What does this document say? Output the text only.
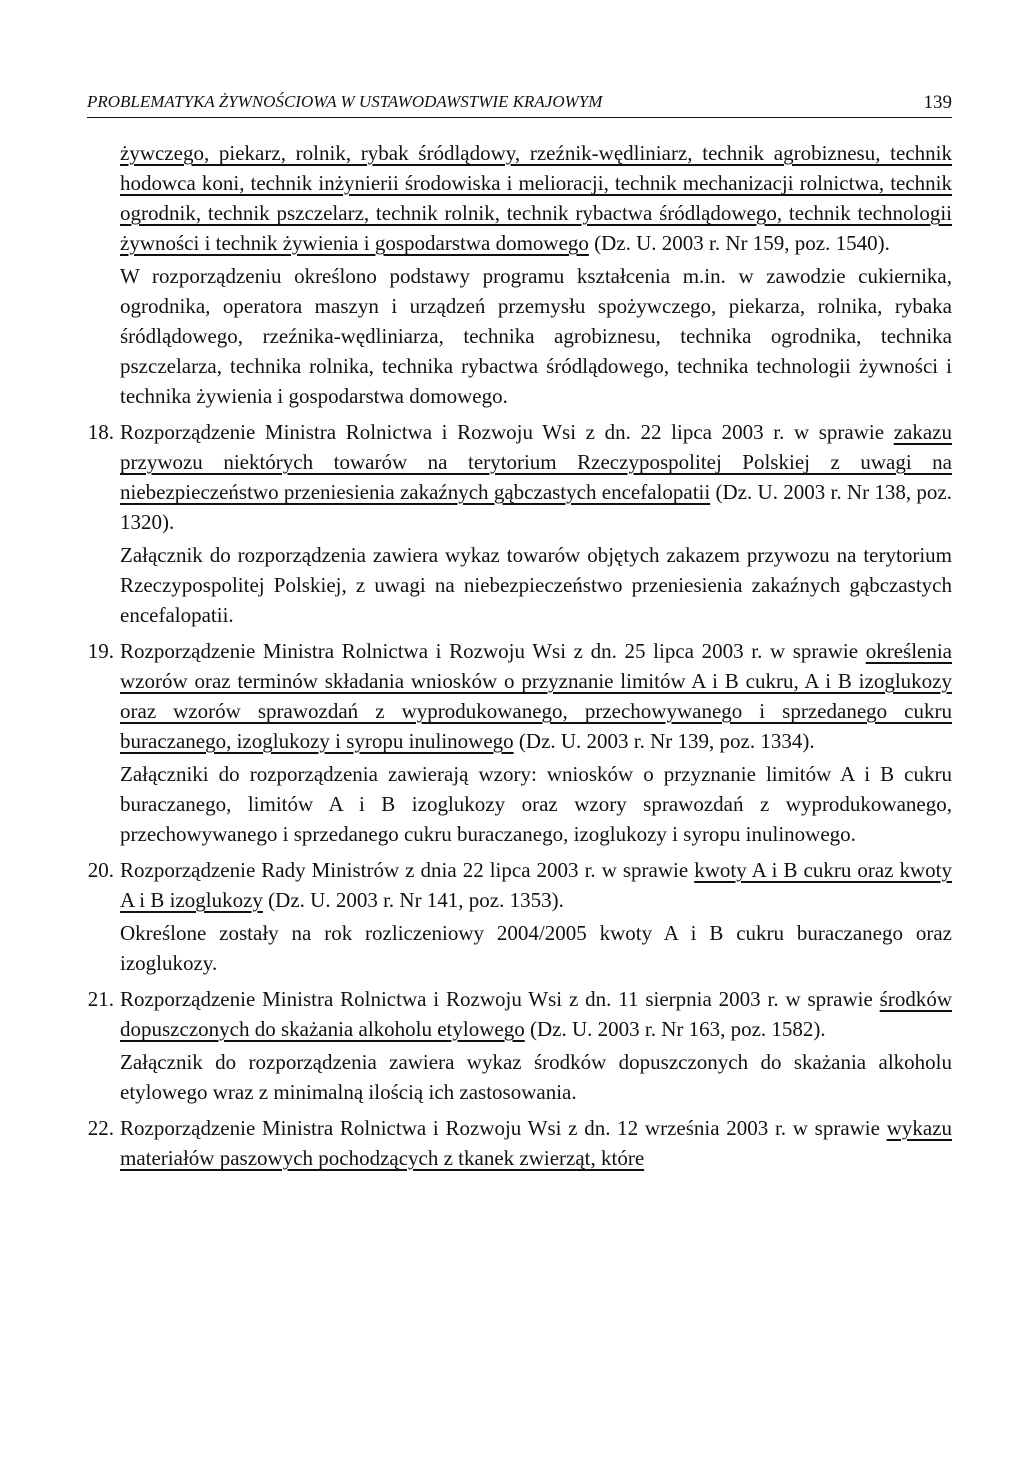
PROBLEMATYKA ŻYWNOŚCIOWA W USTAWODAWSTWIE KRAJOWYM	139

żywczego, piekarz, rolnik, rybak śródlądowy, rzeźnik-wędliniarz, technik agrobiznesu, technik hodowca koni, technik inżynierii środowiska i melioracji, technik mechanizacji rolnictwa, technik ogrodnik, technik pszczelarz, technik rolnik, technik rybactwa śródlądowego, technik technologii żywności i technik żywienia i gospodarstwa domowego (Dz. U. 2003 r. Nr 159, poz. 1540).

W rozporządzeniu określono podstawy programu kształcenia m.in. w zawodzie cukiernika, ogrodnika, operatora maszyn i urządzeń przemysłu spożywczego, piekarza, rolnika, rybaka śródlądowego, rzeźnika-wędliniarza, technika agrobiznesu, technika ogrodnika, technika pszczelarza, technika rolnika, technika rybactwa śródlądowego, technika technologii żywności i technika żywienia i gospodarstwa domowego.

18. Rozporządzenie Ministra Rolnictwa i Rozwoju Wsi z dn. 22 lipca 2003 r. w sprawie zakazu przywozu niektórych towarów na terytorium Rzeczypospolitej Polskiej z uwagi na niebezpieczeństwo przeniesienia zakaźnych gąbczastych encefalopatii (Dz. U. 2003 r. Nr 138, poz. 1320).

Załącznik do rozporządzenia zawiera wykaz towarów objętych zakazem przywozu na terytorium Rzeczypospolitej Polskiej, z uwagi na niebezpieczeństwo przeniesienia zakaźnych gąbczastych encefalopatii.

19. Rozporządzenie Ministra Rolnictwa i Rozwoju Wsi z dn. 25 lipca 2003 r. w sprawie określenia wzorów oraz terminów składania wniosków o przyznanie limitów A i B cukru, A i B izoglukozy oraz wzorów sprawozdań z wyprodukowanego, przechowywanego i sprzedanego cukru buraczanego, izoglukozy i syropu inulinowego (Dz. U. 2003 r. Nr 139, poz. 1334).

Załączniki do rozporządzenia zawierają wzory: wniosków o przyznanie limitów A i B cukru buraczanego, limitów A i B izoglukozy oraz wzory sprawozdań z wyprodukowanego, przechowywanego i sprzedanego cukru buraczanego, izoglukozy i syropu inulinowego.

20. Rozporządzenie Rady Ministrów z dnia 22 lipca 2003 r. w sprawie kwoty A i B cukru oraz kwoty A i B izoglukozy (Dz. U. 2003 r. Nr 141, poz. 1353).

Określone zostały na rok rozliczeniowy 2004/2005 kwoty A i B cukru buraczanego oraz izoglukozy.

21. Rozporządzenie Ministra Rolnictwa i Rozwoju Wsi z dn. 11 sierpnia 2003 r. w sprawie środków dopuszczonych do skażania alkoholu etylowego (Dz. U. 2003 r. Nr 163, poz. 1582).

Załącznik do rozporządzenia zawiera wykaz środków dopuszczonych do skażania alkoholu etylowego wraz z minimalną ilością ich zastosowania.

22. Rozporządzenie Ministra Rolnictwa i Rozwoju Wsi z dn. 12 września 2003 r. w sprawie wykazu materiałów paszowych pochodzących z tkanek zwierząt, które
